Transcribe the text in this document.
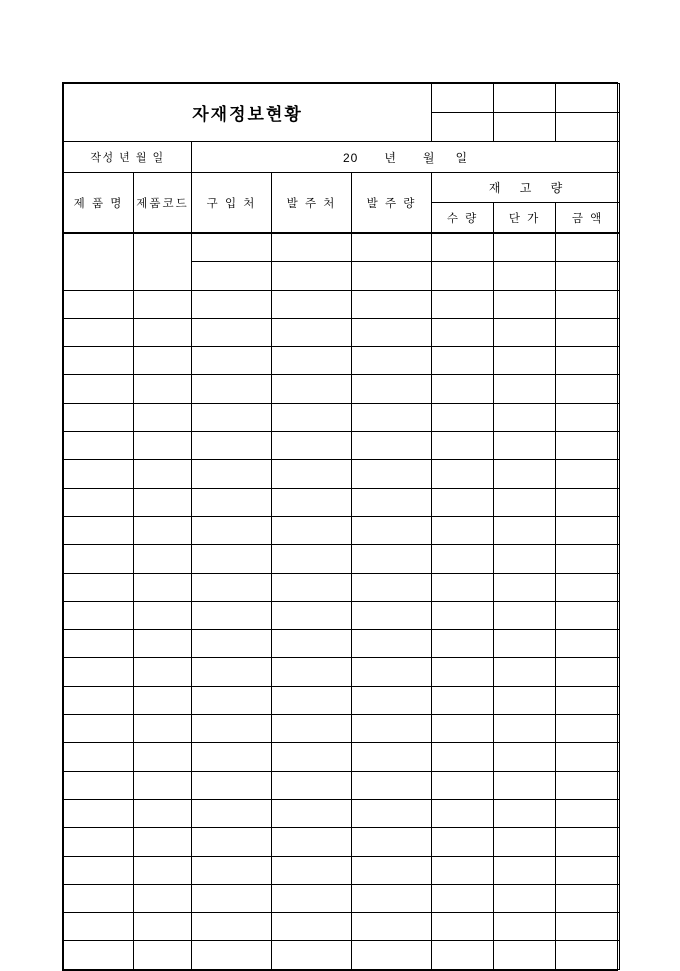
자재정보현황							

작성 년 월 일		20 년 월 일					
제 품 명	제품코드	구 입 처	발 주 처	발 주 량	재 고 량		
					수 량	단 가	금 액
